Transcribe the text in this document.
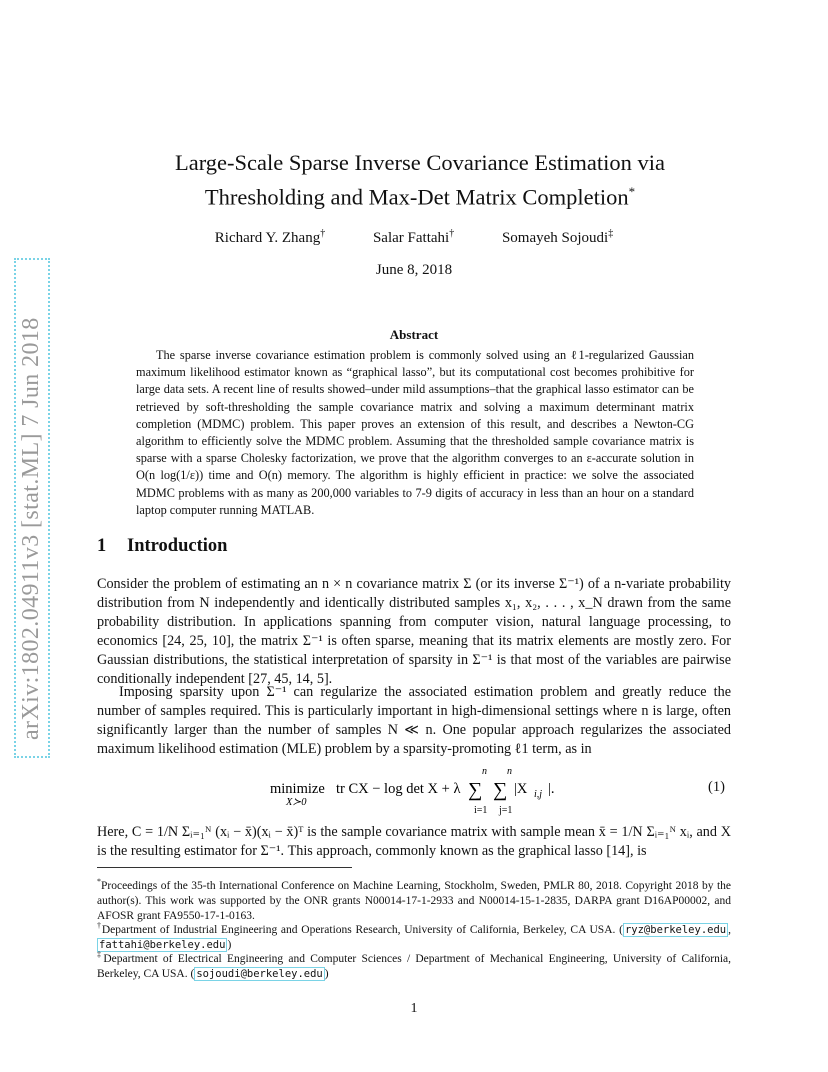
arXiv:1802.04911v3 [stat.ML] 7 Jun 2018
Large-Scale Sparse Inverse Covariance Estimation via Thresholding and Max-Det Matrix Completion*
Richard Y. Zhang†	Salar Fattahi†	Somayeh Sojoudi‡
June 8, 2018
Abstract
The sparse inverse covariance estimation problem is commonly solved using an ℓ1-regularized Gaussian maximum likelihood estimator known as “graphical lasso”, but its computational cost becomes prohibitive for large data sets. A recent line of results showed–under mild assumptions–that the graphical lasso estimator can be retrieved by soft-thresholding the sample covariance matrix and solving a maximum determinant matrix completion (MDMC) problem. This paper proves an extension of this result, and describes a Newton-CG algorithm to efficiently solve the MDMC problem. Assuming that the thresholded sample covariance matrix is sparse with a sparse Cholesky factorization, we prove that the algorithm converges to an ε-accurate solution in O(n log(1/ε)) time and O(n) memory. The algorithm is highly efficient in practice: we solve the associated MDMC problems with as many as 200,000 variables to 7-9 digits of accuracy in less than an hour on a standard laptop computer running MATLAB.
1 Introduction
Consider the problem of estimating an n × n covariance matrix Σ (or its inverse Σ⁻¹) of a n-variate probability distribution from N independently and identically distributed samples x₁, x₂, . . . , x_N drawn from the same probability distribution. In applications spanning from computer vision, natural language processing, to economics [24, 25, 10], the matrix Σ⁻¹ is often sparse, meaning that its matrix elements are mostly zero. For Gaussian distributions, the statistical interpretation of sparsity in Σ⁻¹ is that most of the variables are pairwise conditionally independent [27, 45, 14, 5].
Imposing sparsity upon Σ⁻¹ can regularize the associated estimation problem and greatly reduce the number of samples required. This is particularly important in high-dimensional settings where n is large, often significantly larger than the number of samples N ≪ n. One popular approach regularizes the associated maximum likelihood estimation (MLE) problem by a sparsity-promoting ℓ1 term, as in
minimize
X≻0
tr CX − log det X + λ
n
∑
i=1
n
∑
j=1
|X i,j |.	(1)
Here, C = 1/N Σᵢ₌₁ᴺ (xᵢ − x̄)(xᵢ − x̄)ᵀ is the sample covariance matrix with sample mean x̄ = 1/N Σᵢ₌₁ᴺ xᵢ, and X is the resulting estimator for Σ⁻¹. This approach, commonly known as the graphical lasso [14], is
*Proceedings of the 35-th International Conference on Machine Learning, Stockholm, Sweden, PMLR 80, 2018. Copyright 2018 by the author(s). This work was supported by the ONR grants N00014-17-1-2933 and N00014-15-1-2835, DARPA grant D16AP00002, and AFOSR grant FA9550-17-1-0163.
†Department of Industrial Engineering and Operations Research, University of California, Berkeley, CA USA. ( ryz@berkeley.edu , fattahi@berkeley.edu )
‡Department of Electrical Engineering and Computer Sciences / Department of Mechanical Engineering, University of California, Berkeley, CA USA. ( sojoudi@berkeley.edu )
1
